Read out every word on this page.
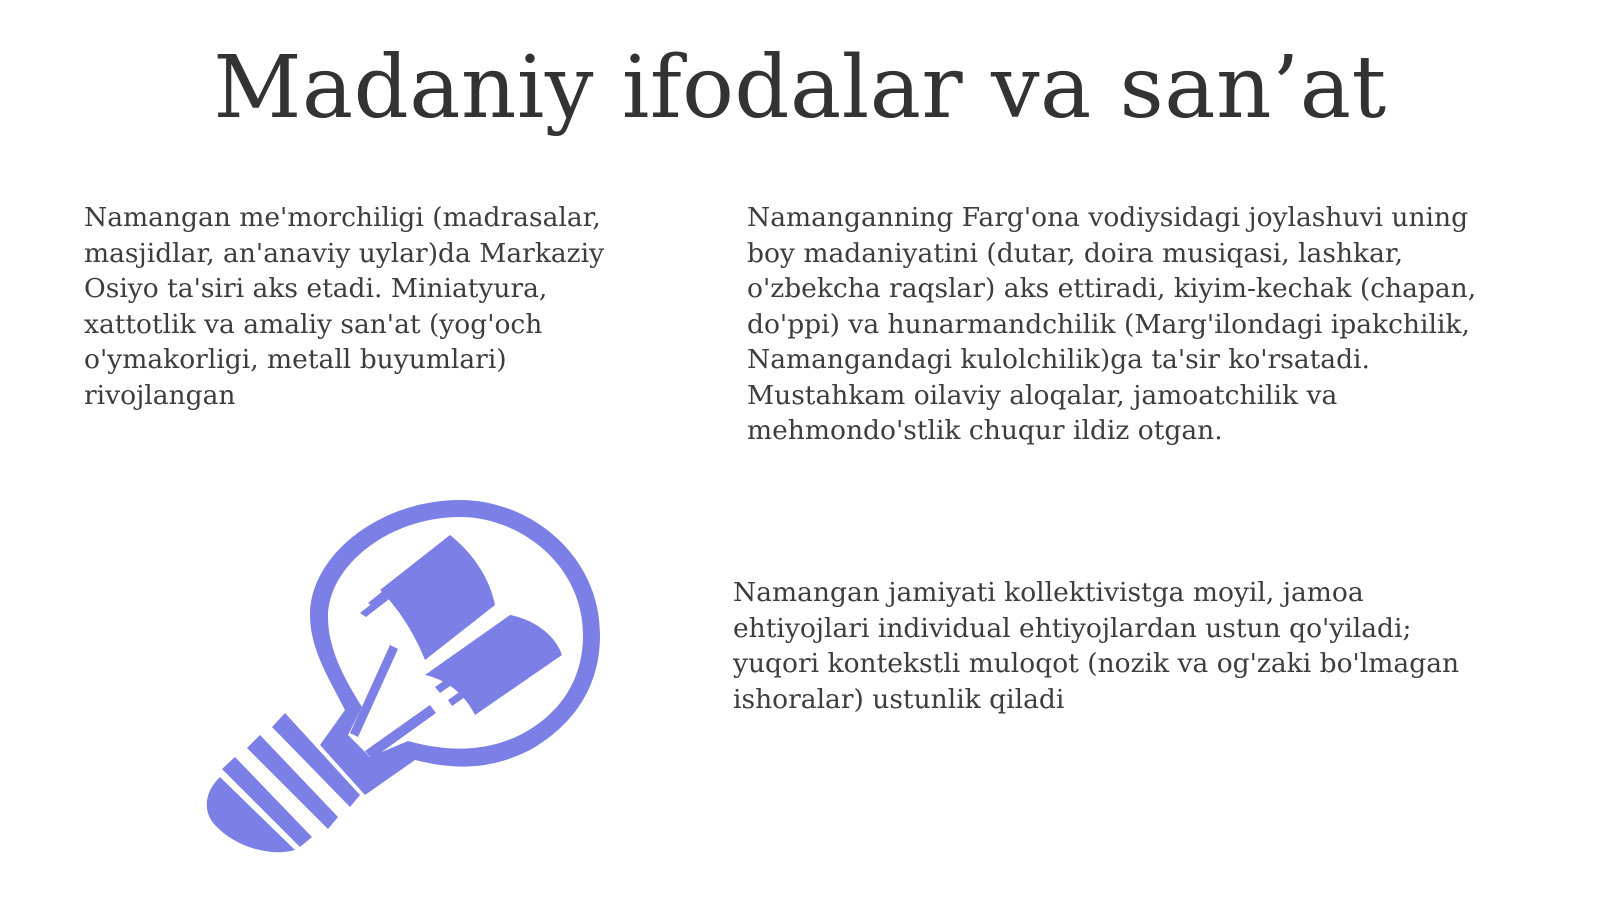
Madaniy ifodalar va san’at

Namangan me'morchiligi (madrasalar, masjidlar, an'anaviy uylar)da Markaziy Osiyo ta'siri aks etadi. Miniatyura, xattotlik va amaliy san'at (yog'och o'ymakorligi, metall buyumlari) rivojlangan

Namanganning Farg'ona vodiysidagi joylashuvi uning boy madaniyatini (dutar, doira musiqasi, lashkar, o'zbekcha raqslar) aks ettiradi, kiyim-kechak (chapan, do'ppi) va hunarmandchilik (Marg'ilondagi ipakchilik, Namangandagi kulolchilik)ga ta'sir ko'rsatadi. Mustahkam oilaviy aloqalar, jamoatchilik va mehmondo'stlik chuqur ildiz otgan.

Namangan jamiyati kollektivistga moyil, jamoa ehtiyojlari individual ehtiyojlardan ustun qo'yiladi; yuqori kontekstli muloqot (nozik va og'zaki bo'lmagan ishoralar) ustunlik qiladi
